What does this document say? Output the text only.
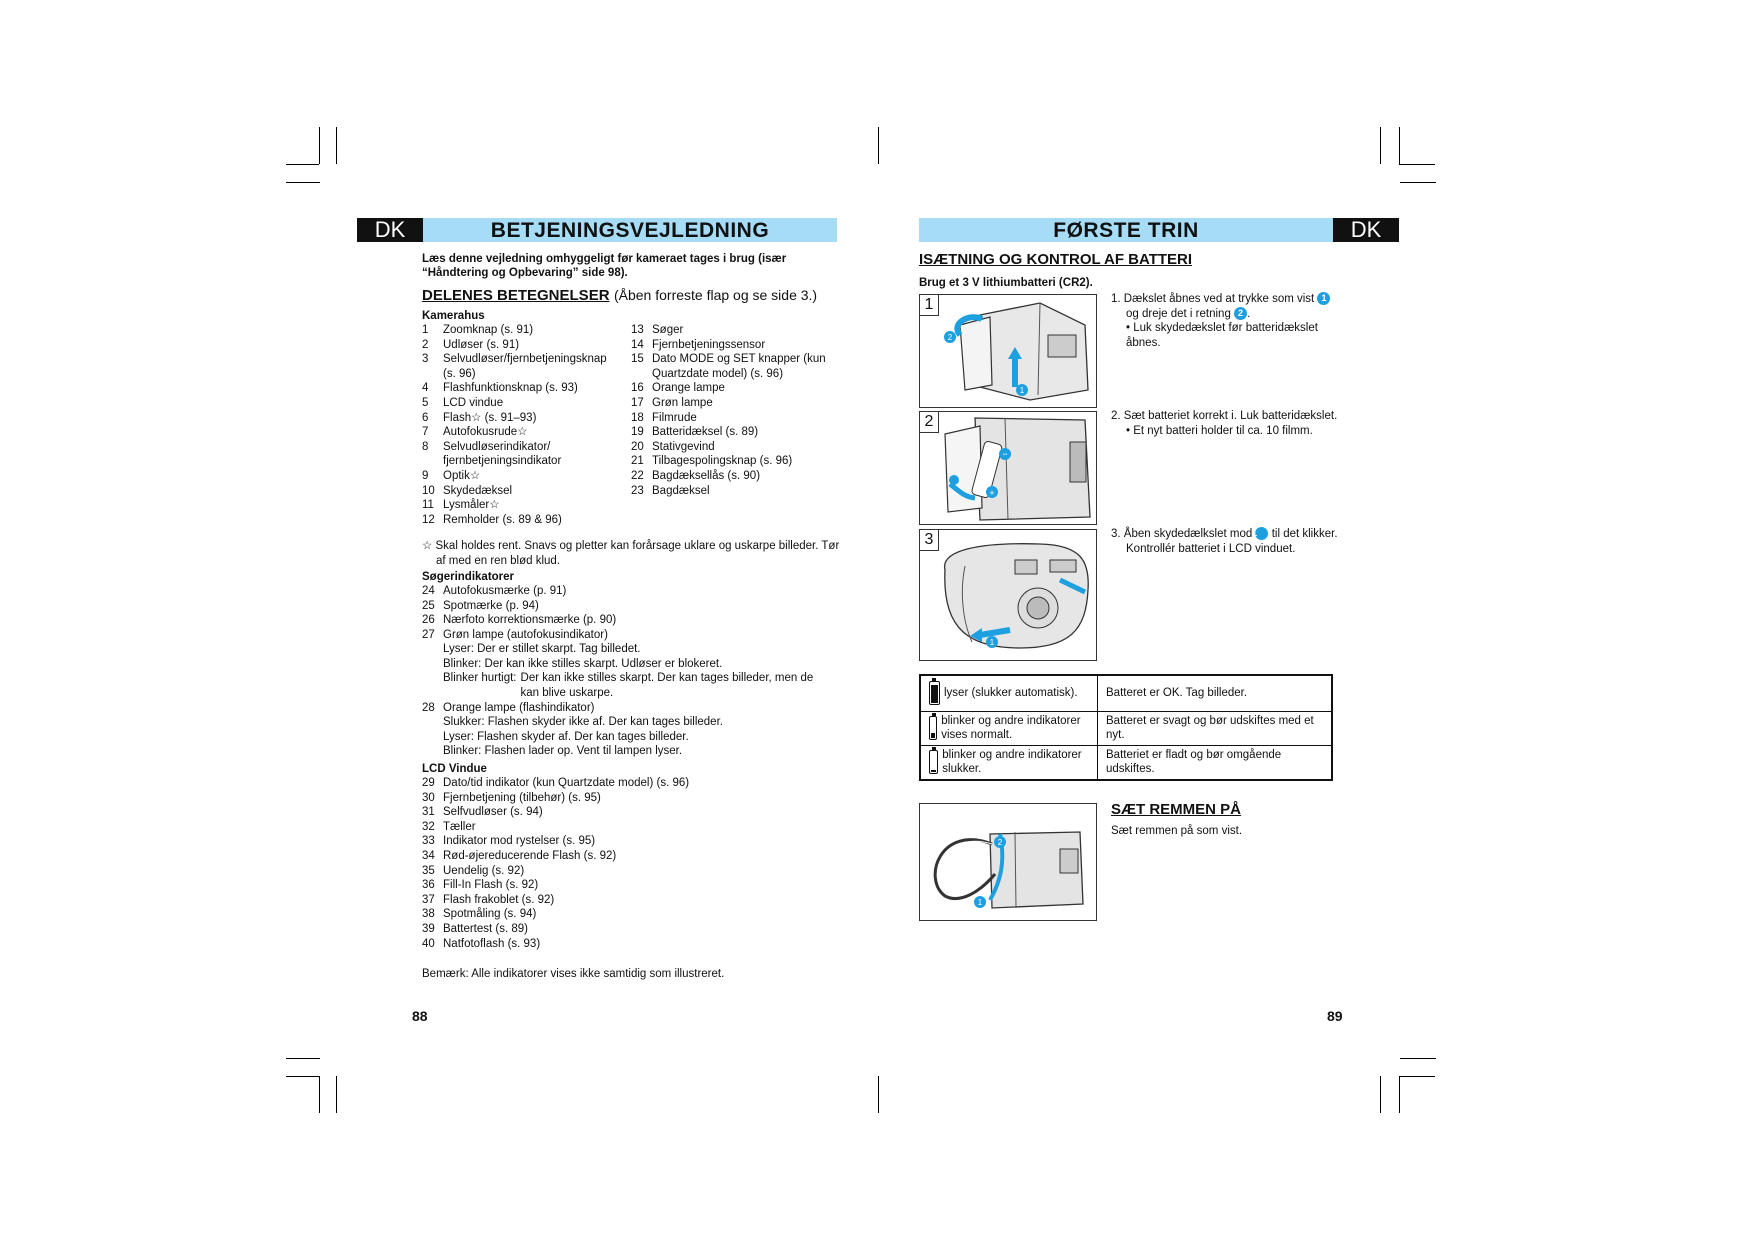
DK	BETJENINGSVEJLEDNING
Læs denne vejledning omhyggeligt før kameraet tages i brug (især “Håndtering og Opbevaring” side 98).
DELENES BETEGNELSER (Åben forreste flap og se side 3.)
Kamerahus
1 Zoomknap (s. 91)
2 Udløser (s. 91)
3 Selvudløser/fjernbetjeningsknap (s. 96)
4 Flashfunktionsknap (s. 93)
5 LCD vindue
6 Flash☆ (s. 91–93)
7 Autofokusrude☆
8 Selvudløserindikator/ fjernbetjeningsindikator
9 Optik☆
10 Skydedæksel
11 Lysmåler☆
12 Remholder (s. 89 & 96)
13 Søger
14 Fjernbetjeningssensor
15 Dato MODE og SET knapper (kun Quartzdate model) (s. 96)
16 Orange lampe
17 Grøn lampe
18 Filmrude
19 Batteridæksel (s. 89)
20 Stativgevind
21 Tilbagespolingsknap (s. 96)
22 Bagdæksellås (s. 90)
23 Bagdæksel
☆ Skal holdes rent. Snavs og pletter kan forårsage uklare og uskarpe billeder. Tør af med en ren blød klud.
Søgerindikatorer
24 Autofokusmærke (p. 91)
25 Spotmærke (p. 94)
26 Nærfoto korrektionsmærke (p. 90)
27 Grøn lampe (autofokusindikator)
Lyser: Der er stillet skarpt. Tag billedet.
Blinker: Der kan ikke stilles skarpt. Udløser er blokeret.
Blinker hurtigt: Der kan ikke stilles skarpt. Der kan tages billeder, men de kan blive uskarpe.
28 Orange lampe (flashindikator)
Slukker: Flashen skyder ikke af. Der kan tages billeder.
Lyser: Flashen skyder af. Der kan tages billeder.
Blinker: Flashen lader op. Vent til lampen lyser.
LCD Vindue
29 Dato/tid indikator (kun Quartzdate model) (s. 96)
30 Fjernbetjening (tilbehør) (s. 95)
31 Selfvudløser (s. 94)
32 Tæller
33 Indikator mod rystelser (s. 95)
34 Rød-øjereducerende Flash (s. 92)
35 Uendelig (s. 92)
36 Fill-In Flash (s. 92)
37 Flash frakoblet (s. 92)
38 Spotmåling (s. 94)
39 Battertest (s. 89)
40 Natfotoflash (s. 93)
Bemærk: Alle indikatorer vises ikke samtidig som illustreret.
88
FØRSTE TRIN	DK
ISÆTNING OG KONTROL AF BATTERI
Brug et 3 V lithiumbatteri (CR2).
1
2
1
1. Dækslet åbnes ved at trykke som vist 1
og dreje det i retning 2 .
• Luk skydedækslet før batteridækslet åbnes.
2
−
+
2. Sæt batteriet korrekt i. Luk batteridækslet.
• Et nyt batteri holder til ca. 10 filmm.
3
1
3. Åben skydedælkslet mod 1 til det klikker. Kontrollér batteriet i LCD vinduet.
lyser (slukker automatisk).	Batteret er OK. Tag billeder.

blinker og andre indikatorer vises normalt.	Batteret er svagt og bør udskiftes med et nyt.

blinker og andre indikatorer slukker.	Batteriet er fladt og bør omgående udskiftes.
2
1
SÆT REMMEN PÅ
Sæt remmen på som vist.
89
